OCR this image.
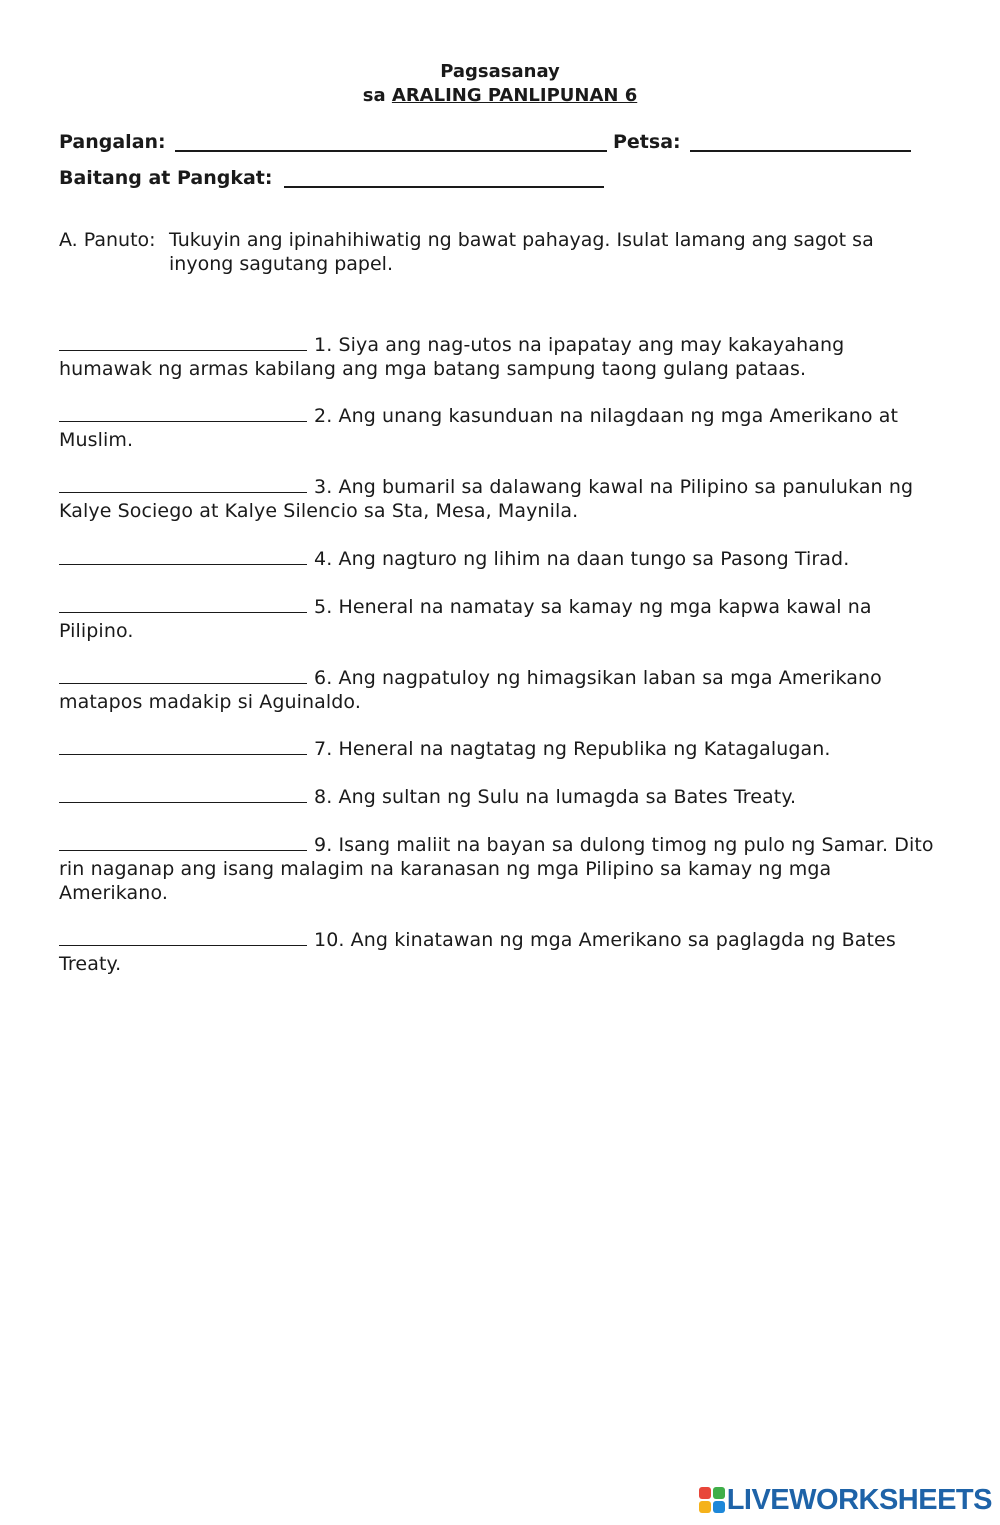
Pagsasanay
sa ARALING PANLIPUNAN 6
Pangalan:	Petsa:
Baitang at Pangkat:
A. Panuto: Tukuyin ang ipinahihiwatig ng bawat pahayag. Isulat lamang ang sagot sa inyong sagutang papel.
1. Siya ang nag-utos na ipapatay ang may kakayahang humawak ng armas kabilang ang mga batang sampung taong gulang pataas.
2. Ang unang kasunduan na nilagdaan ng mga Amerikano at Muslim.
3. Ang bumaril sa dalawang kawal na Pilipino sa panulukan ng Kalye Sociego at Kalye Silencio sa Sta, Mesa, Maynila.
4. Ang nagturo ng lihim na daan tungo sa Pasong Tirad.
5. Heneral na namatay sa kamay ng mga kapwa kawal na Pilipino.
6. Ang nagpatuloy ng himagsikan laban sa mga Amerikano matapos madakip si Aguinaldo.
7. Heneral na nagtatag ng Republika ng Katagalugan.
8. Ang sultan ng Sulu na lumagda sa Bates Treaty.
9. Isang maliit na bayan sa dulong timog ng pulo ng Samar. Dito rin naganap ang isang malagim na karanasan ng mga Pilipino sa kamay ng mga Amerikano.
10. Ang kinatawan ng mga Amerikano sa paglagda ng Bates Treaty.
LIVEWORKSHEETS
